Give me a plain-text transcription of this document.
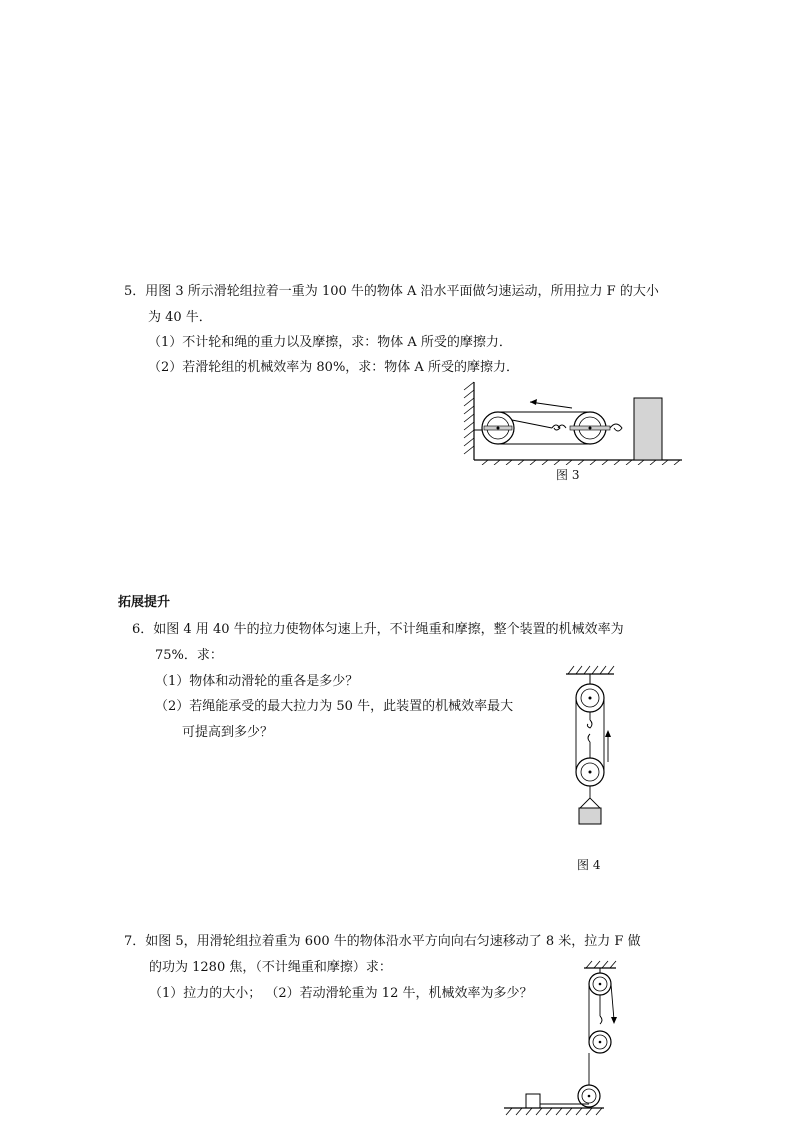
5．用图 3 所示滑轮组拉着一重为 100 牛的物体 A 沿水平面做匀速运动，所用拉力 F 的大小
为 40 牛．
（1）不计轮和绳的重力以及摩擦，求：物体 A 所受的摩擦力．
（2）若滑轮组的机械效率为 80%，求：物体 A 所受的摩擦力．
图 3
拓展提升
6．如图 4 用 40 牛的拉力使物体匀速上升，不计绳重和摩擦，整个装置的机械效率为
75%．求：
（1）物体和动滑轮的重各是多少？
（2）若绳能承受的最大拉力为 50 牛，此装置的机械效率最大
可提高到多少？
图 4
7．如图 5，用滑轮组拉着重为 600 牛的物体沿水平方向向右匀速移动了 8 米，拉力 F 做
的功为 1280 焦，（不计绳重和摩擦）求：
（1）拉力的大小； （2）若动滑轮重为 12 牛，机械效率为多少？
